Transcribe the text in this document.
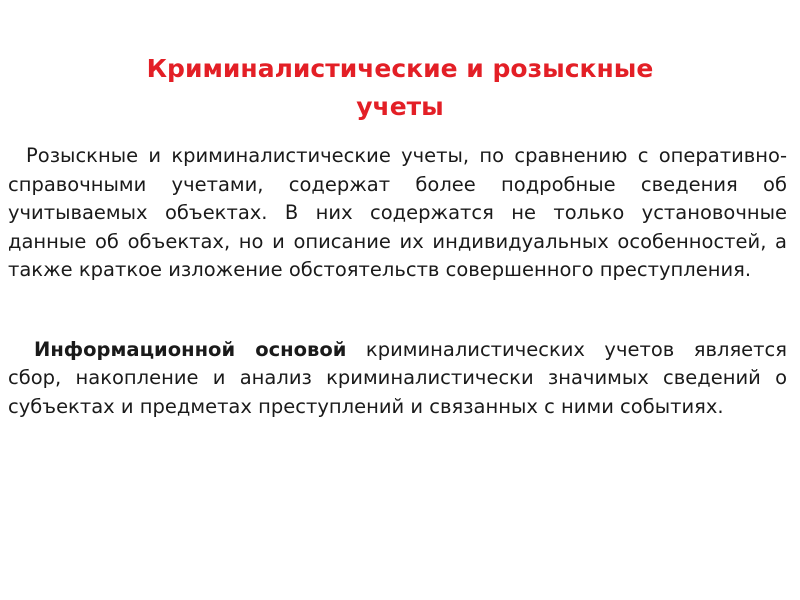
Криминалистические и розыскные
учеты

Розыскные и криминалистические учеты, по сравнению с оперативно-справочными учетами, содержат более подробные сведения об учитываемых объектах. В них содержатся не только установочные данные об объектах, но и описание их индивидуальных особенностей, а также краткое изложение обстоятельств совершенного преступления.

Информационной основой криминалистических учетов является сбор, накопление и анализ криминалистически значимых сведений о субъектах и предметах преступлений и связанных с ними событиях.
